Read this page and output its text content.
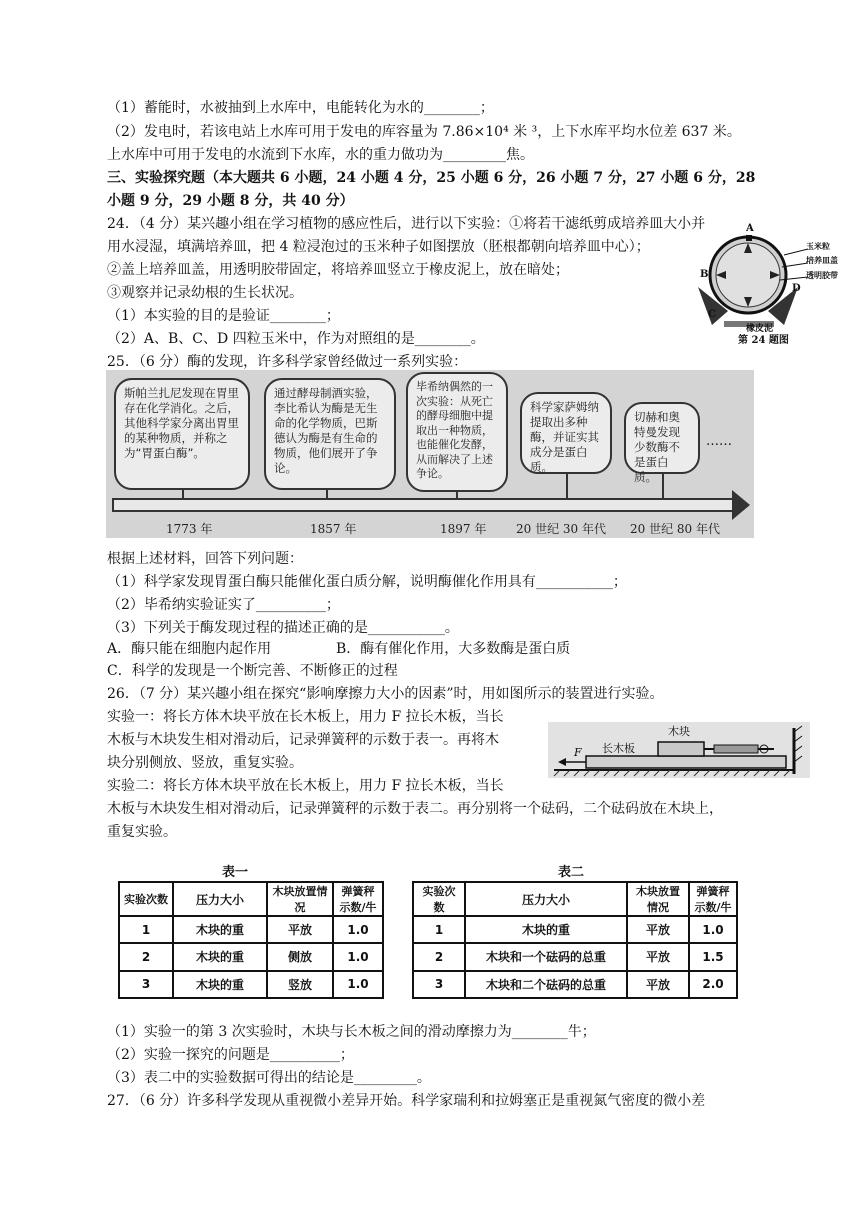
（1）蓄能时，水被抽到上水库中，电能转化为水的________；
（2）发电时，若该电站上水库可用于发电的库容量为 7.86×10⁴ 米 ³，上下水库平均水位差 637 米。
上水库中可用于发电的水流到下水库，水的重力做功为_________焦。
三、实验探究题（本大题共 6 小题，24 小题 4 分，25 小题 6 分，26 小题 7 分，27 小题 6 分，28
小题 9 分，29 小题 8 分，共 40 分）
24．（4 分）某兴趣小组在学习植物的感应性后，进行以下实验：①将若干滤纸剪成培养皿大小并
用水浸湿，填满培养皿，把 4 粒浸泡过的玉米种子如图摆放（胚根都朝向培养皿中心）；
②盖上培养皿盖，用透明胶带固定，将培养皿竖立于橡皮泥上，放在暗处；
③观察并记录幼根的生长状况。
（1）本实验的目的是验证________；
（2）A、B、C、D 四粒玉米中，作为对照组的是________。
25．（6 分）酶的发现，许多科学家曾经做过一系列实验：
玉米粒
培养皿盖
透明胶带
D
B
A
C
橡皮泥
第 24 题图
斯帕兰扎尼发现在胃里存在化学消化。之后，其他科学家分离出胃里的某种物质，并称之为“胃蛋白酶”。
通过酵母制酒实验，李比希认为酶是无生命的化学物质，巴斯德认为酶是有生命的物质，他们展开了争论。
毕希纳偶然的一次实验：从死亡的酵母细胞中提取出一种物质，也能催化发酵，从而解决了上述争论。
科学家萨姆纳提取出多种酶，并证实其成分是蛋白质。
切赫和奥特曼发现少数酶不是蛋白质。
……
1773 年	1857 年	1897 年 20 世纪 30 年代 20 世纪 80 年代
根据上述材料，回答下列问题：
（1）科学家发现胃蛋白酶只能催化蛋白质分解，说明酶催化作用具有___________；
（2）毕希纳实验证实了__________；
（3）下列关于酶发现过程的描述正确的是___________。
A．酶只能在细胞内起作用	B．酶有催化作用，大多数酶是蛋白质
C．科学的发现是一个断完善、不断修正的过程
26．（7 分）某兴趣小组在探究“影响摩擦力大小的因素”时，用如图所示的装置进行实验。
实验一：将长方体木块平放在长木板上，用力 F 拉长木板，当长
木板与木块发生相对滑动后，记录弹簧秤的示数于表一。再将木
块分别侧放、竖放，重复实验。
实验二：将长方体木块平放在长木板上，用力 F 拉长木板，当长
木板与木块发生相对滑动后，记录弹簧秤的示数于表二。再分别将一个砝码，二个砝码放在木块上，
重复实验。
木块
长木板
F
表一
实验次数	压力大小	木块放置情况	弹簧秤示数/牛
1	木块的重	平放	1.0
2	木块的重	侧放	1.0
3	木块的重	竖放	1.0
表二
实验次数	压力大小	木块放置情况	弹簧秤示数/牛
1	木块的重	平放	1.0
2	木块和一个砝码的总重	平放	1.5
3	木块和二个砝码的总重	平放	2.0
（1）实验一的第 3 次实验时，木块与长木板之间的滑动摩擦力为________牛；
（2）实验一探究的问题是__________；
（3）表二中的实验数据可得出的结论是_________。
27．（6 分）许多科学发现从重视微小差异开始。科学家瑞利和拉姆塞正是重视氮气密度的微小差
